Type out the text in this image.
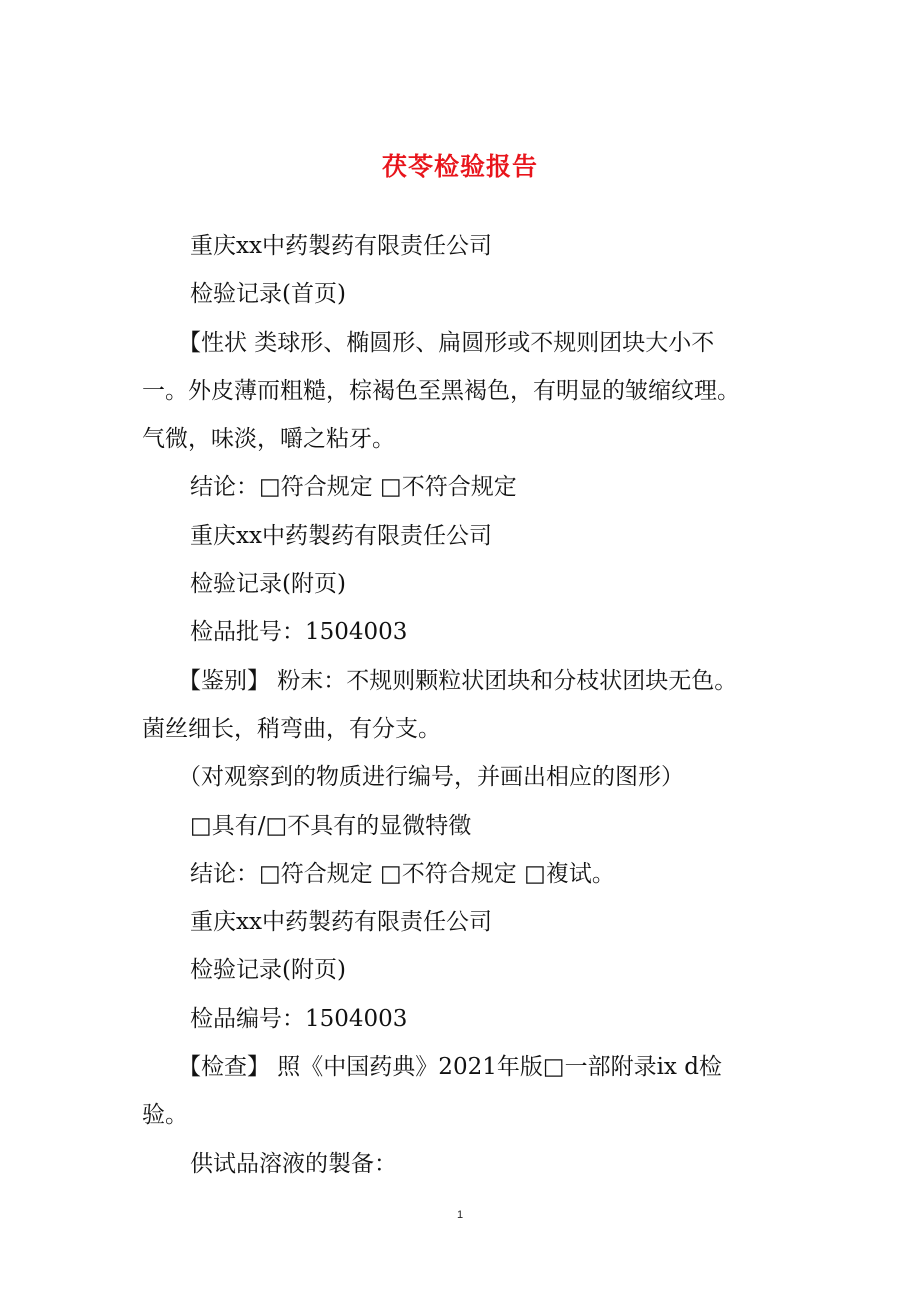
茯苓检验报告
重庆xx中药製药有限责任公司
检验记录(首页)
【性状 类球形、椭圆形、扁圆形或不规则团块大小不
一。外皮薄而粗糙，棕褐色至黑褐色，有明显的皱缩纹理。
气微，味淡，嚼之粘牙。
结论：□符合规定 □不符合规定
重庆xx中药製药有限责任公司
检验记录(附页)
检品批号：1504003
【鉴别】 粉末：不规则颗粒状团块和分枝状团块无色。
菌丝细长，稍弯曲，有分支。
（对观察到的物质进行编号，并画出相应的图形）
□具有/□不具有的显微特徵
结论：□符合规定 □不符合规定 □複试。
重庆xx中药製药有限责任公司
检验记录(附页)
检品编号：1504003
【检查】 照《中国药典》2021年版□一部附录ix d检
验。
供试品溶液的製备：
1
